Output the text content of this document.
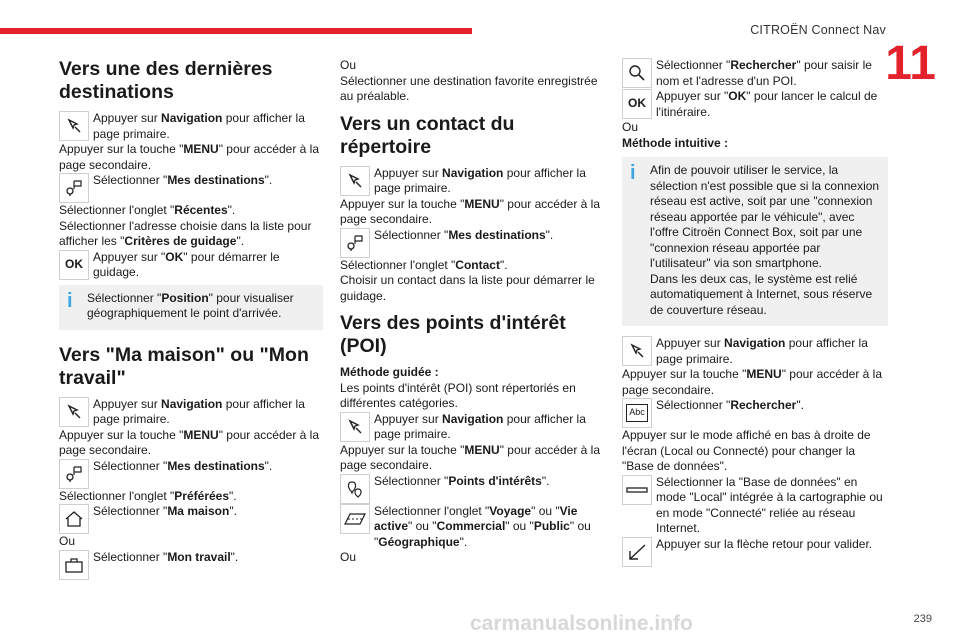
CITROËN Connect Nav
11
Vers une des dernières destinations

Appuyer sur Navigation pour afficher la page primaire.

Appuyer sur la touche "MENU" pour accéder à la page secondaire.

Sélectionner "Mes destinations".

Sélectionner l'onglet "Récentes".

Sélectionner l'adresse choisie dans la liste pour afficher les "Critères de guidage".

OK

Appuyer sur "OK" pour démarrer le guidage.

i	Sélectionner "Position" pour visualiser géographiquement le point d'arrivée.

Vers "Ma maison" ou "Mon travail"

Appuyer sur Navigation pour afficher la page primaire.

Appuyer sur la touche "MENU" pour accéder à la page secondaire.

Sélectionner "Mes destinations".

Sélectionner l'onglet "Préférées".

Sélectionner "Ma maison".

Ou

Sélectionner "Mon travail".

Ou

Sélectionner une destination favorite enregistrée au préalable.

Vers un contact du répertoire

Appuyer sur Navigation pour afficher la page primaire.

Appuyer sur la touche "MENU" pour accéder à la page secondaire.

Sélectionner "Mes destinations".

Sélectionner l'onglet "Contact".

Choisir un contact dans la liste pour démarrer le guidage.

Vers des points d'intérêt (POI)

Méthode guidée :

Les points d'intérêt (POI) sont répertoriés en différentes catégories.

Appuyer sur Navigation pour afficher la page primaire.

Appuyer sur la touche "MENU" pour accéder à la page secondaire.

Sélectionner "Points d'intérêts".

Sélectionner l'onglet "Voyage" ou "Vie active" ou "Commercial" ou "Public" ou "Géographique".

Ou

Sélectionner "Rechercher" pour saisir le nom et l'adresse d'un POI.

OK

Appuyer sur "OK" pour lancer le calcul de l'itinéraire.

Ou

Méthode intuitive :

i	Afin de pouvoir utiliser le service, la sélection n'est possible que si la connexion réseau est active, soit par une "connexion réseau apportée par le véhicule", avec l'offre Citroën Connect Box, soit par une "connexion réseau apportée par l'utilisateur" via son smartphone.
Dans les deux cas, le système est relié automatiquement à Internet, sous réserve de couverture réseau.

Appuyer sur Navigation pour afficher la page primaire.

Appuyer sur la touche "MENU" pour accéder à la page secondaire.

Abc

Sélectionner "Rechercher".

Appuyer sur le mode affiché en bas à droite de l'écran (Local ou Connecté) pour changer la "Base de données".

Sélectionner la "Base de données" en mode "Local" intégrée à la cartographie ou en mode "Connecté" reliée au réseau Internet.

Appuyer sur la flèche retour pour valider.

carmanualsonline.info	239
